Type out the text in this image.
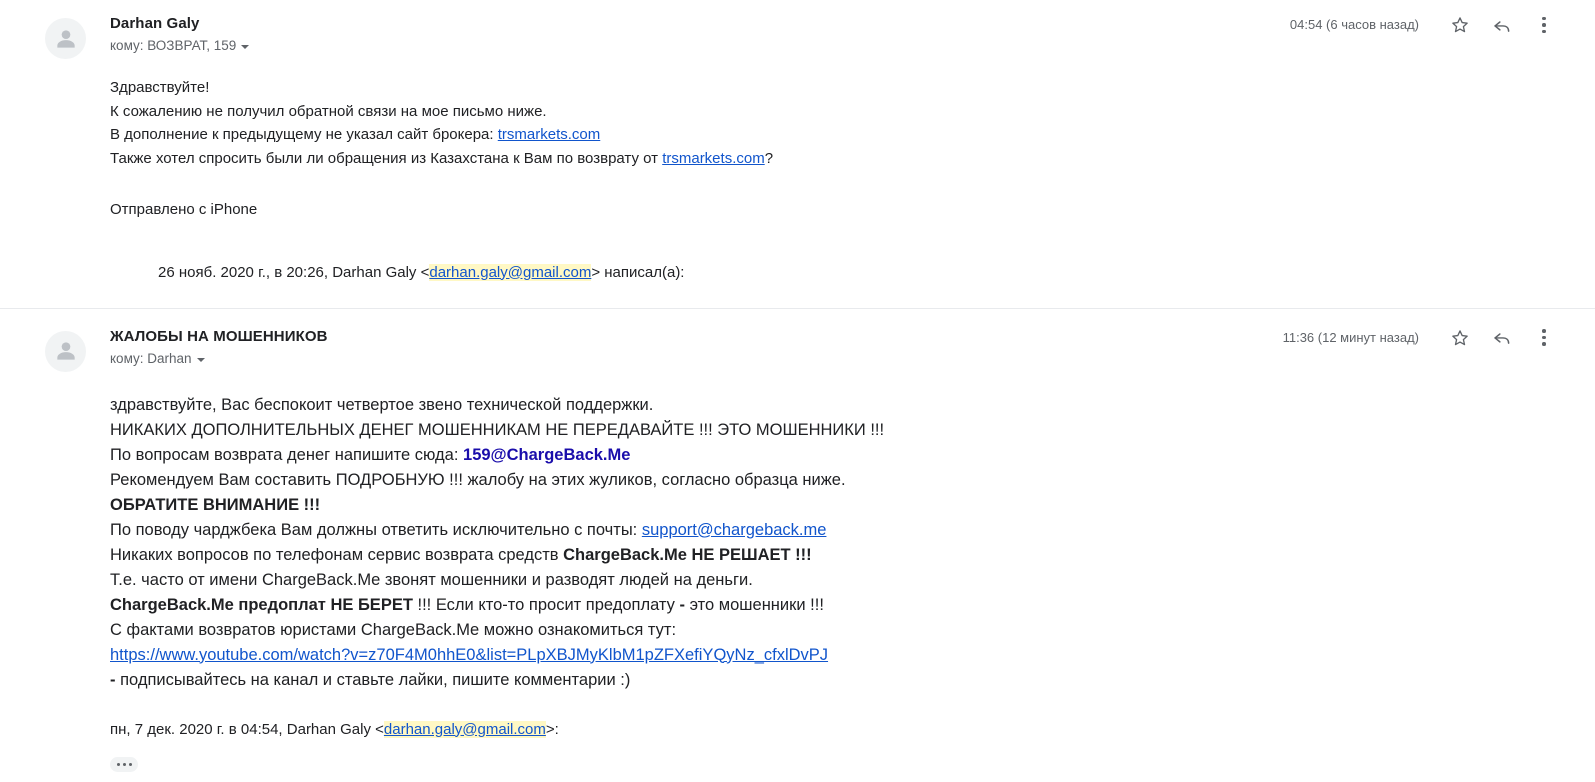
Darhan Galy
кому: ВОЗВРАТ, 159
04:54 (6 часов назад)
Здравствуйте!
К сожалению не получил обратной связи на мое письмо ниже.
В дополнение к предыдущему не указал сайт брокера: trsmarkets.com
Также хотел спросить были ли обращения из Казахстана к Вам по возврату от trsmarkets.com?
Отправлено с iPhone
26 нояб. 2020 г., в 20:26, Darhan Galy <darhan.galy@gmail.com> написал(а):
ЖАЛОБЫ НА МОШЕННИКОВ
кому: Darhan
11:36 (12 минут назад)
здравствуйте, Вас беспокоит четвертое звено технической поддержки.
НИКАКИХ ДОПОЛНИТЕЛЬНЫХ ДЕНЕГ МОШЕННИКАМ НЕ ПЕРЕДАВАЙТЕ !!! ЭТО МОШЕННИКИ !!!
По вопросам возврата денег напишите сюда: 159@ChargeBack.Me
Рекомендуем Вам составить ПОДРОБНУЮ !!! жалобу на этих жуликов, согласно образца ниже.
ОБРАТИТЕ ВНИМАНИЕ !!!
По поводу чарджбека Вам должны ответить исключительно с почты: support@chargeback.me
Никаких вопросов по телефонам сервис возврата средств ChargeBack.Me НЕ РЕШАЕТ !!!
Т.е. часто от имени ChargeBack.Me звонят мошенники и разводят людей на деньги.
ChargeBack.Me предоплат НЕ БЕРЕТ !!! Если кто-то просит предоплату - это мошенники !!!
С фактами возвратов юристами ChargeBack.Me можно ознакомиться тут:
https://www.youtube.com/watch?v=z70F4M0hhE0&list=PLpXBJMyKlbM1pZFXefiYQyNz_cfxlDvPJ
- подписывайтесь на канал и ставьте лайки, пишите комментарии :)
пн, 7 дек. 2020 г. в 04:54, Darhan Galy <darhan.galy@gmail.com>:
